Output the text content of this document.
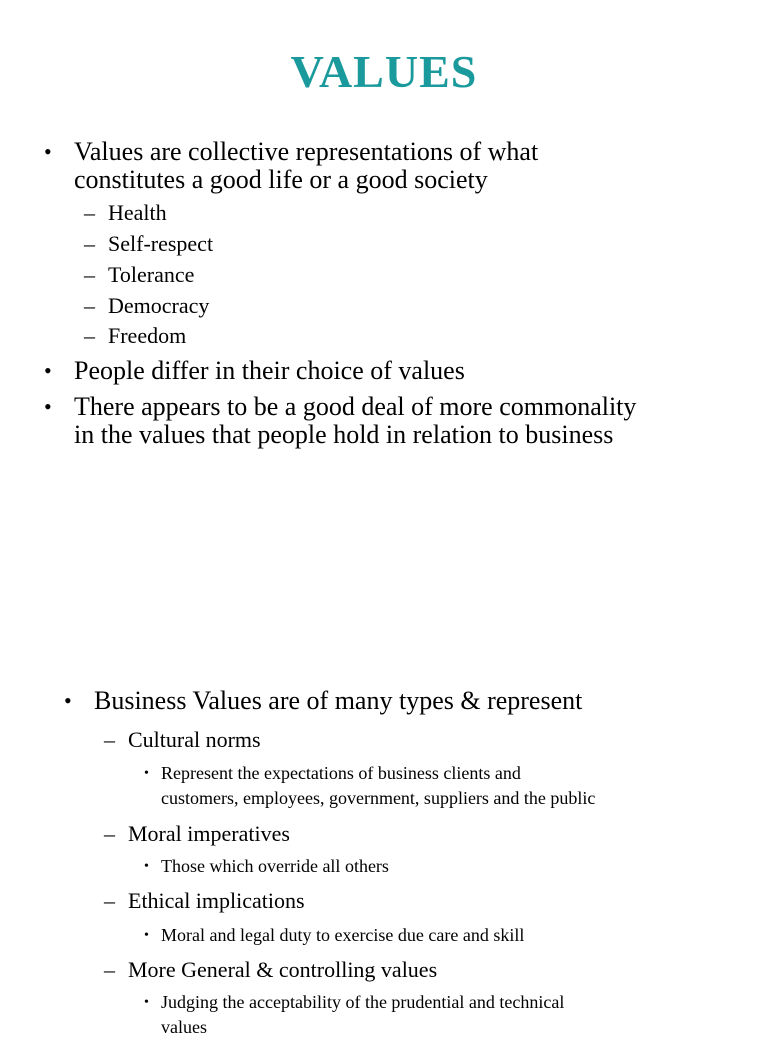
VALUES
• Values are collective representations of what
constitutes a good life or a good society
– Health
– Self-respect
– Tolerance
– Democracy
– Freedom
• People differ in their choice of values
• There appears to be a good deal of more commonality
in the values that people hold in relation to business
• Business Values are of many types & represent
– Cultural norms
• Represent the expectations of business clients and
customers, employees, government, suppliers and the public
– Moral imperatives
• Those which override all others
– Ethical implications
• Moral and legal duty to exercise due care and skill
– More General & controlling values
• Judging the acceptability of the prudential and technical
values
